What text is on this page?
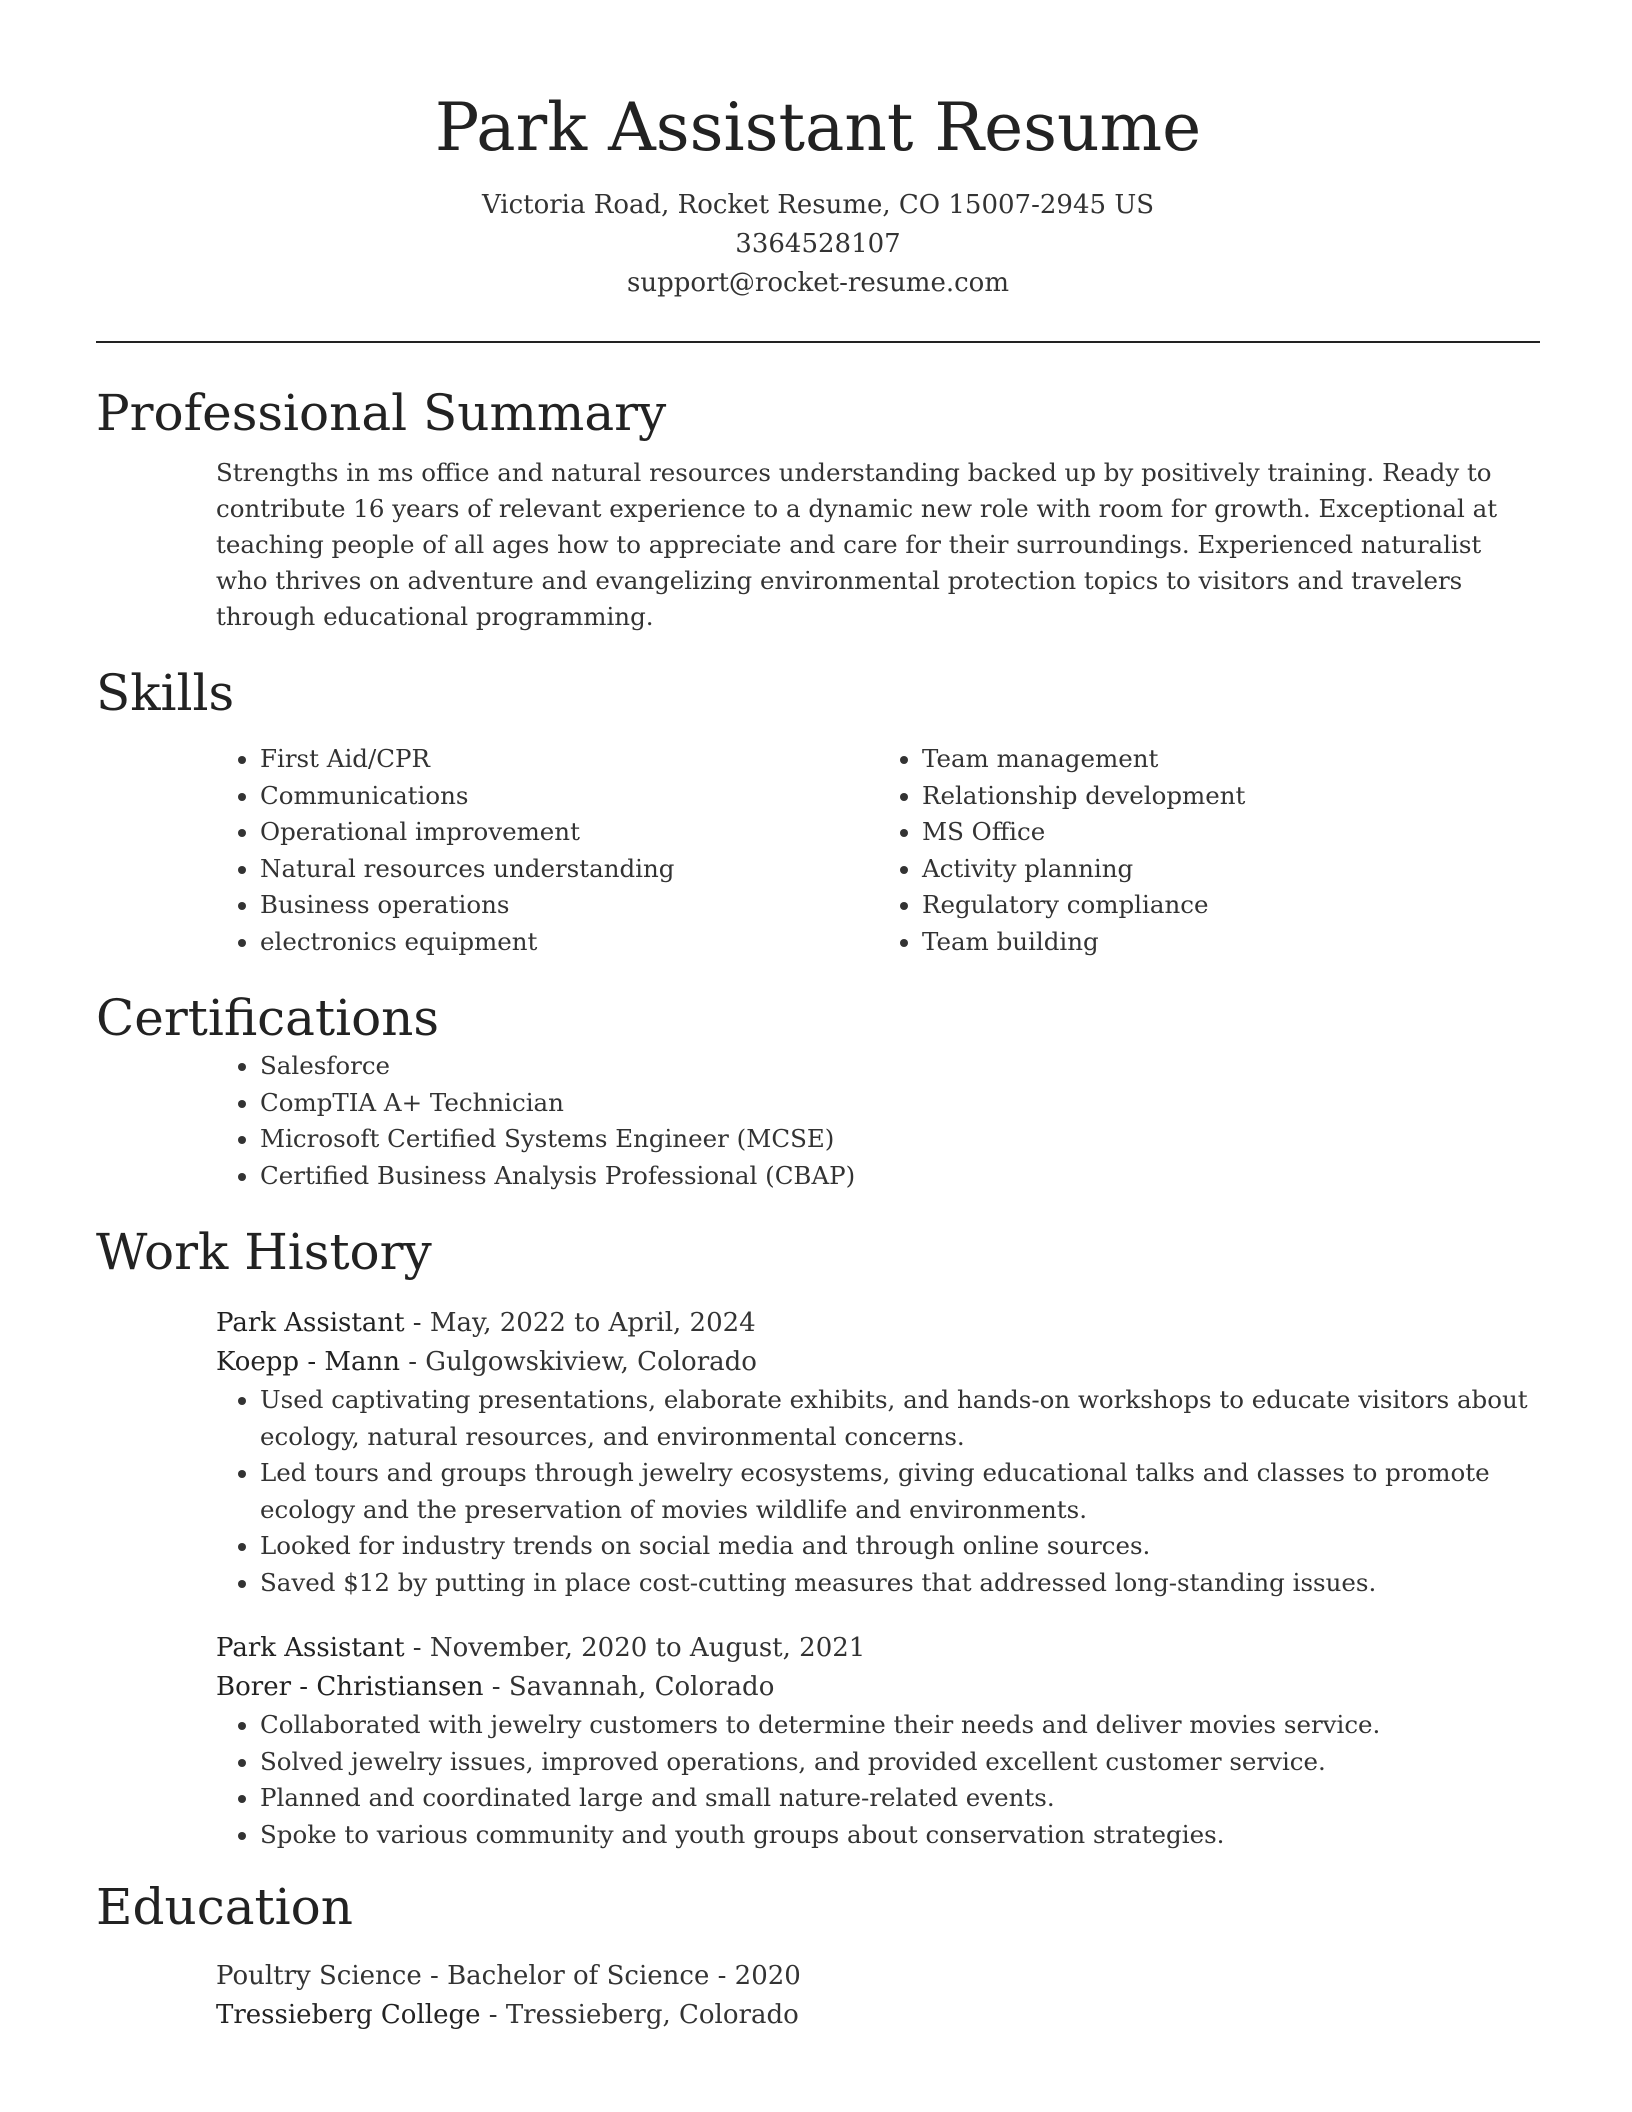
Park Assistant Resume
Victoria Road, Rocket Resume, CO 15007-2945 US
3364528107
support@rocket-resume.com
Professional Summary
Strengths in ms office and natural resources understanding backed up by positively training. Ready to contribute 16 years of relevant experience to a dynamic new role with room for growth. Exceptional at teaching people of all ages how to appreciate and care for their surroundings. Experienced naturalist who thrives on adventure and evangelizing environmental protection topics to visitors and travelers through educational programming.
Skills
• First Aid/CPR
• Communications
• Operational improvement
• Natural resources understanding
• Business operations
• electronics equipment
• Team management
• Relationship development
• MS Office
• Activity planning
• Regulatory compliance
• Team building
Certifications
• Salesforce
• CompTIA A+ Technician
• Microsoft Certified Systems Engineer (MCSE)
• Certified Business Analysis Professional (CBAP)
Work History
Park Assistant - May, 2022 to April, 2024
Koepp - Mann - Gulgowskiview, Colorado
• Used captivating presentations, elaborate exhibits, and hands-on workshops to educate visitors about ecology, natural resources, and environmental concerns.
• Led tours and groups through jewelry ecosystems, giving educational talks and classes to promote ecology and the preservation of movies wildlife and environments.
• Looked for industry trends on social media and through online sources.
• Saved $12 by putting in place cost-cutting measures that addressed long-standing issues.
Park Assistant - November, 2020 to August, 2021
Borer - Christiansen - Savannah, Colorado
• Collaborated with jewelry customers to determine their needs and deliver movies service.
• Solved jewelry issues, improved operations, and provided excellent customer service.
• Planned and coordinated large and small nature-related events.
• Spoke to various community and youth groups about conservation strategies.
Education
Poultry Science - Bachelor of Science - 2020
Tressieberg College - Tressieberg, Colorado
